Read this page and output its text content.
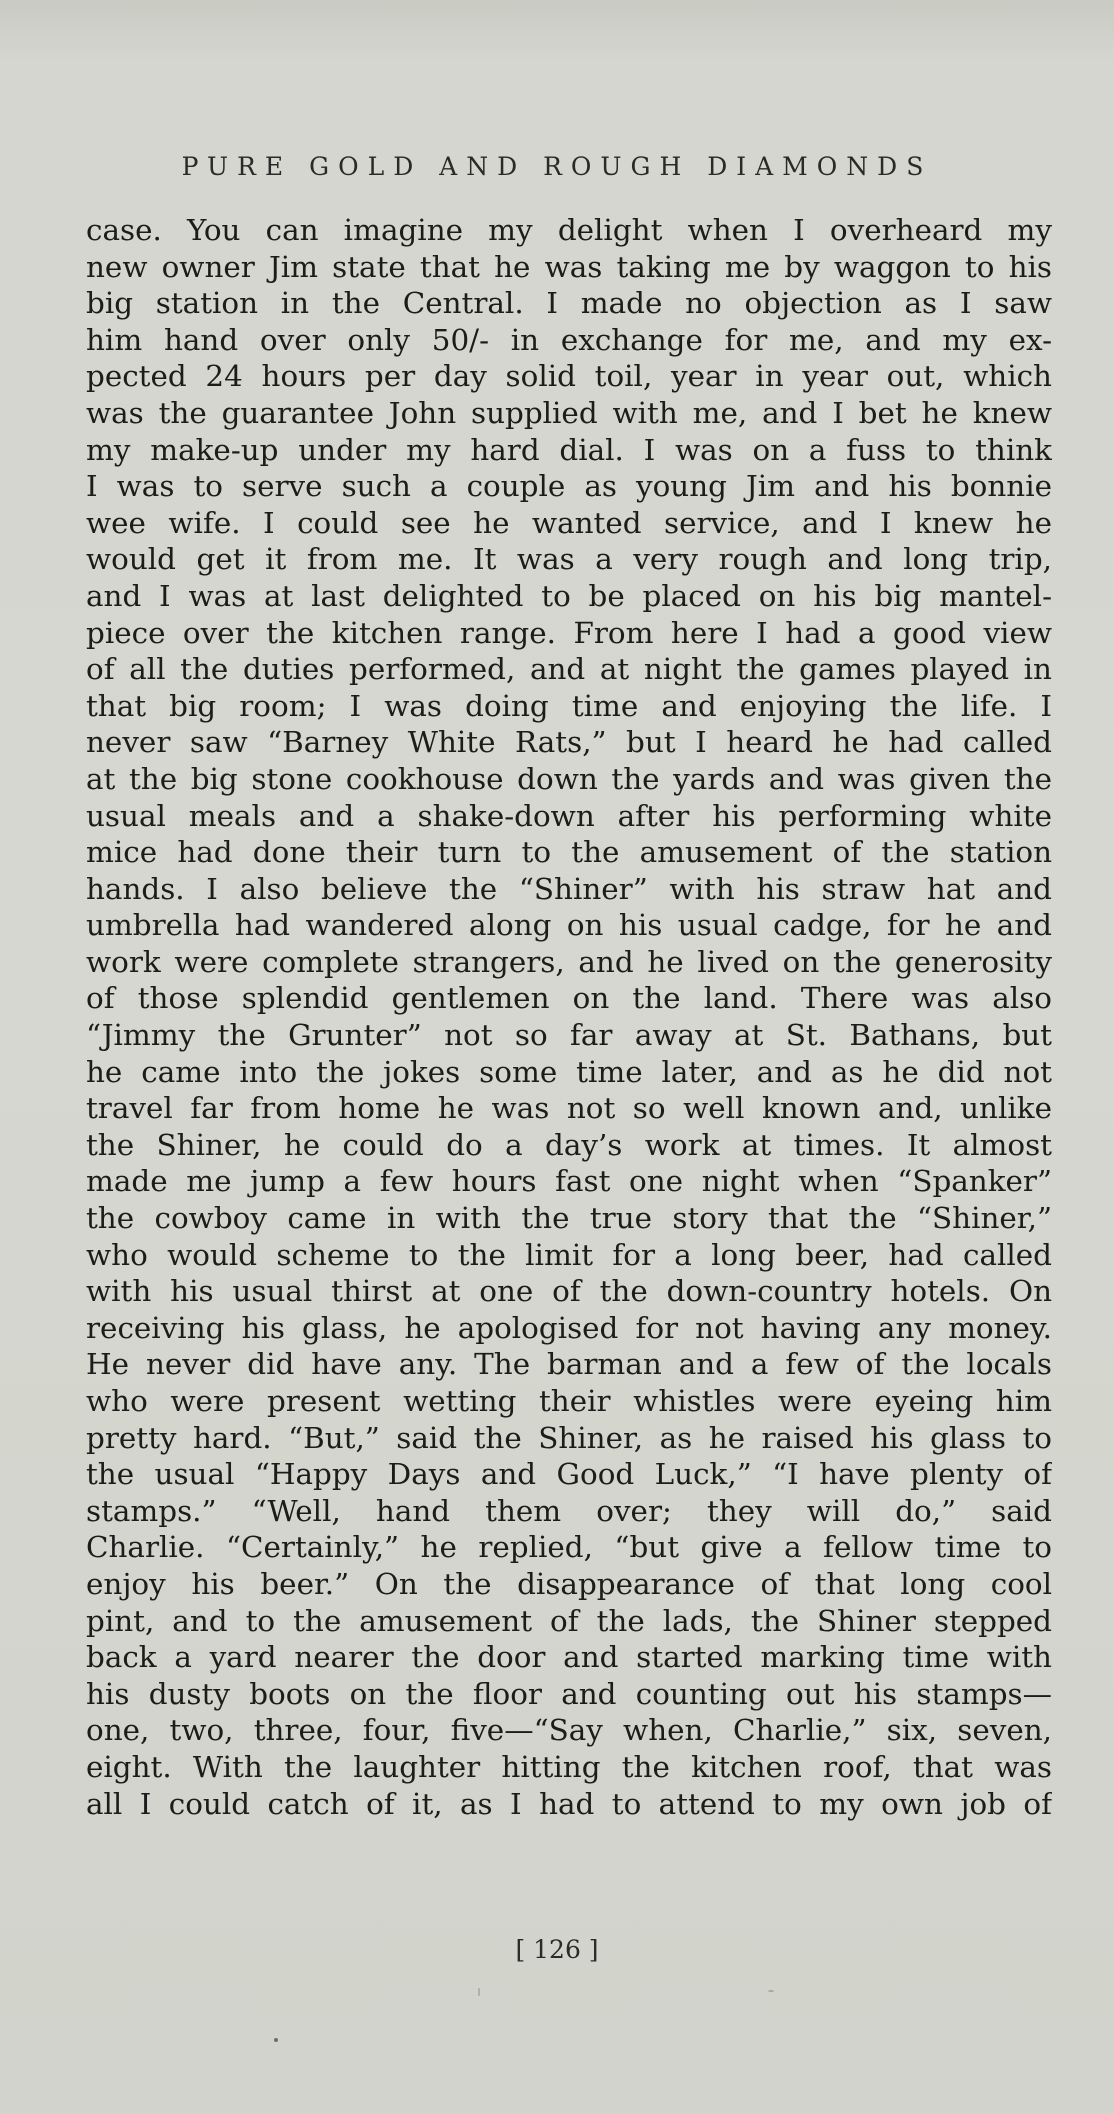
PURE GOLD AND ROUGH DIAMONDS
case. You can imagine my delight when I overheard my
new owner Jim state that he was taking me by waggon to his
big station in the Central. I made no objection as I saw
him hand over only 50/- in exchange for me, and my ex-
pected 24 hours per day solid toil, year in year out, which
was the guarantee John supplied with me, and I bet he knew
my make-up under my hard dial. I was on a fuss to think
I was to serve such a couple as young Jim and his bonnie
wee wife. I could see he wanted service, and I knew he
would get it from me. It was a very rough and long trip,
and I was at last delighted to be placed on his big mantel-
piece over the kitchen range. From here I had a good view
of all the duties performed, and at night the games played in
that big room; I was doing time and enjoying the life. I
never saw “Barney White Rats,” but I heard he had called
at the big stone cookhouse down the yards and was given the
usual meals and a shake-down after his performing white
mice had done their turn to the amusement of the station
hands. I also believe the “Shiner” with his straw hat and
umbrella had wandered along on his usual cadge, for he and
work were complete strangers, and he lived on the generosity
of those splendid gentlemen on the land. There was also
“Jimmy the Grunter” not so far away at St. Bathans, but
he came into the jokes some time later, and as he did not
travel far from home he was not so well known and, unlike
the Shiner, he could do a day’s work at times. It almost
made me jump a few hours fast one night when “Spanker”
the cowboy came in with the true story that the “Shiner,”
who would scheme to the limit for a long beer, had called
with his usual thirst at one of the down-country hotels. On
receiving his glass, he apologised for not having any money.
He never did have any. The barman and a few of the locals
who were present wetting their whistles were eyeing him
pretty hard. “But,” said the Shiner, as he raised his glass to
the usual “Happy Days and Good Luck,” “I have plenty of
stamps.” “Well, hand them over; they will do,” said
Charlie. “Certainly,” he replied, “but give a fellow time to
enjoy his beer.” On the disappearance of that long cool
pint, and to the amusement of the lads, the Shiner stepped
back a yard nearer the door and started marking time with
his dusty boots on the floor and counting out his stamps—
one, two, three, four, five—“Say when, Charlie,” six, seven,
eight. With the laughter hitting the kitchen roof, that was
all I could catch of it, as I had to attend to my own job of
[ 126 ]
